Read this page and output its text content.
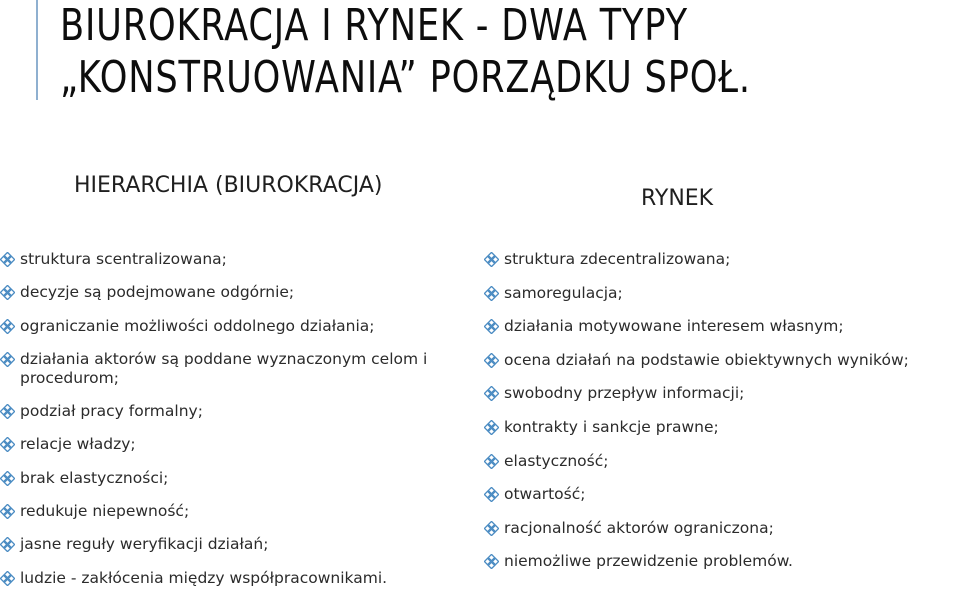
BIUROKRACJA I RYNEK - DWA TYPY
„KONSTRUOWANIA” PORZĄDKU SPOŁ.
HIERARCHIA (BIUROKRACJA)
RYNEK
struktura scentralizowana;
decyzje są podejmowane odgórnie;
ograniczanie możliwości oddolnego działania;
działania aktorów są poddane wyznaczonym celom i procedurom;
podział pracy formalny;
relacje władzy;
brak elastyczności;
redukuje niepewność;
jasne reguły weryfikacji działań;
ludzie - zakłócenia między współpracownikami.
struktura zdecentralizowana;
samoregulacja;
działania motywowane interesem własnym;
ocena działań na podstawie obiektywnych wyników;
swobodny przepływ informacji;
kontrakty i sankcje prawne;
elastyczność;
otwartość;
racjonalność aktorów ograniczona;
niemożliwe przewidzenie problemów.
